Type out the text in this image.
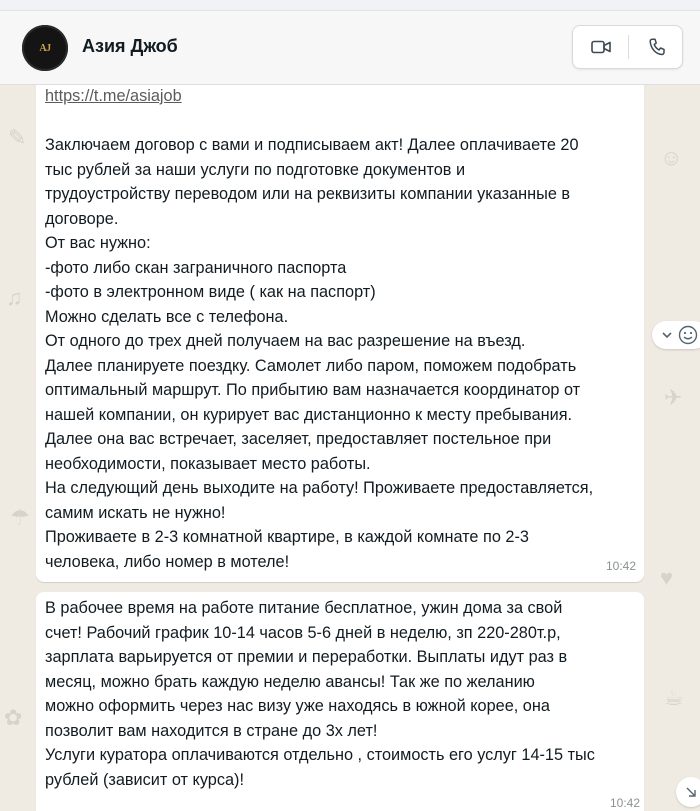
AJ Азия Джоб
✎
♫
☂
✿
☺
✈
♥
☕
https://t.me/asiajob

Заключаем договор с вами и подписываем акт! Далее оплачиваете 20
тыс рублей за наши услуги по подготовке документов и
трудоустройству переводом или на реквизиты компании указанные в
договоре.
От вас нужно:
-фото либо скан заграничного паспорта
-фото в электронном виде ( как на паспорт)
Можно сделать все с телефона.
От одного до трех дней получаем на вас разрешение на въезд.
Далее планируете поездку. Самолет либо паром, поможем подобрать
оптимальный маршрут. По прибытию вам назначается координатор от
нашей компании, он курирует вас дистанционно к месту пребывания.
Далее она вас встречает, заселяет, предоставляет постельное при
необходимости, показывает место работы.
На следующий день выходите на работу! Проживаете предоставляется,
самим искать не нужно!
Проживаете в 2-3 комнатной квартире, в каждой комнате по 2-3
человека, либо номер в мотеле!	10:42
В рабочее время на работе питание бесплатное, ужин дома за свой
счет! Рабочий график 10-14 часов 5-6 дней в неделю, зп 220-280т.р,
зарплата варьируется от премии и переработки. Выплаты идут раз в
месяц, можно брать каждую неделю авансы! Так же по желанию
можно оформить через нас визу уже находясь в южной корее, она
позволит вам находится в стране до 3х лет!
Услуги куратора оплачиваются отдельно , стоимость его услуг 14-15 тыс
рублей (зависит от курса)!
10:42
